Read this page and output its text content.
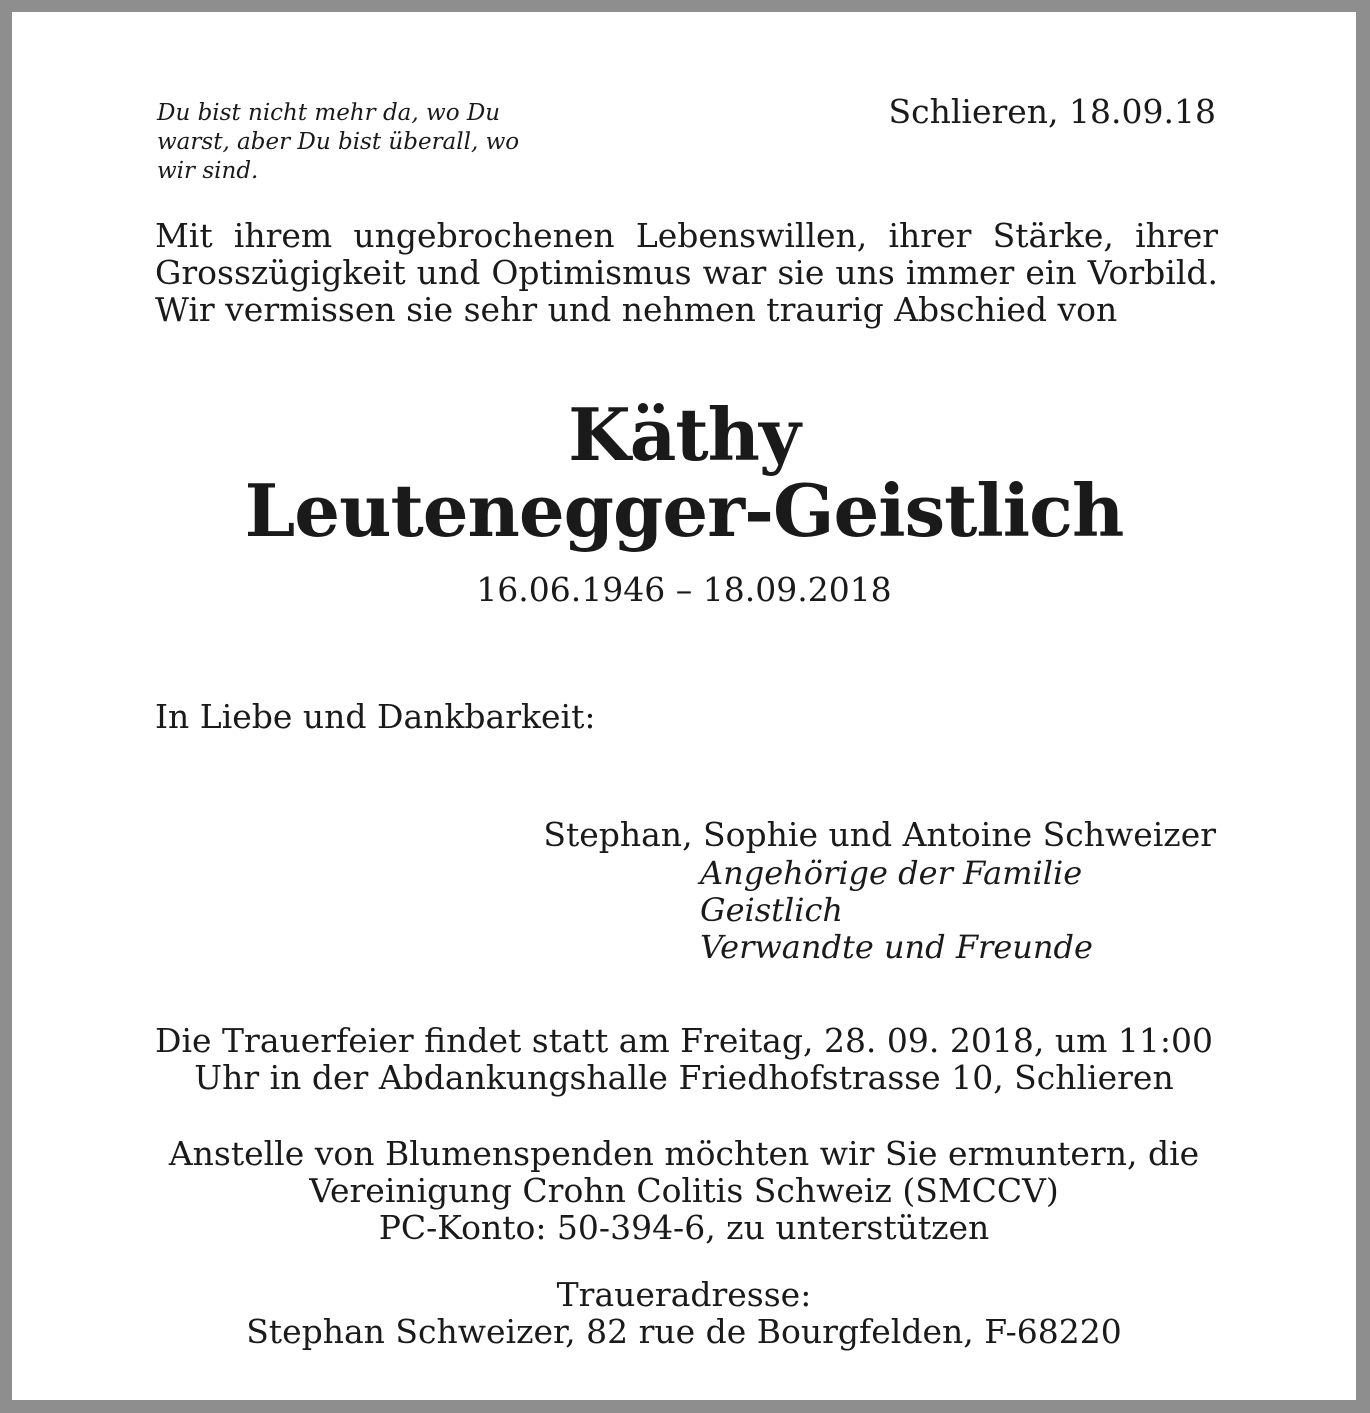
Du bist nicht mehr da, wo Du
warst, aber Du bist überall, wo
wir sind.
Schlieren, 18.09.18
Mit ihrem ungebrochenen Lebenswillen, ihrer Stärke, ihrer Grosszügigkeit und Optimismus war sie uns immer ein Vorbild. Wir vermissen sie sehr und nehmen traurig Abschied von
Käthy
Leutenegger-Geistlich
16.06.1946 – 18.09.2018
In Liebe und Dankbarkeit:
Stephan, Sophie und Antoine Schweizer
Angehörige der Familie Geistlich
Verwandte und Freunde
Die Trauerfeier findet statt am Freitag, 28. 09. 2018, um 11:00
Uhr in der Abdankungshalle Friedhofstrasse 10, Schlieren
Anstelle von Blumenspenden möchten wir Sie ermuntern, die
Vereinigung Crohn Colitis Schweiz (SMCCV)
PC-Konto: 50-394-6, zu unterstützen
Traueradresse:
Stephan Schweizer, 82 rue de Bourgfelden, F-68220
